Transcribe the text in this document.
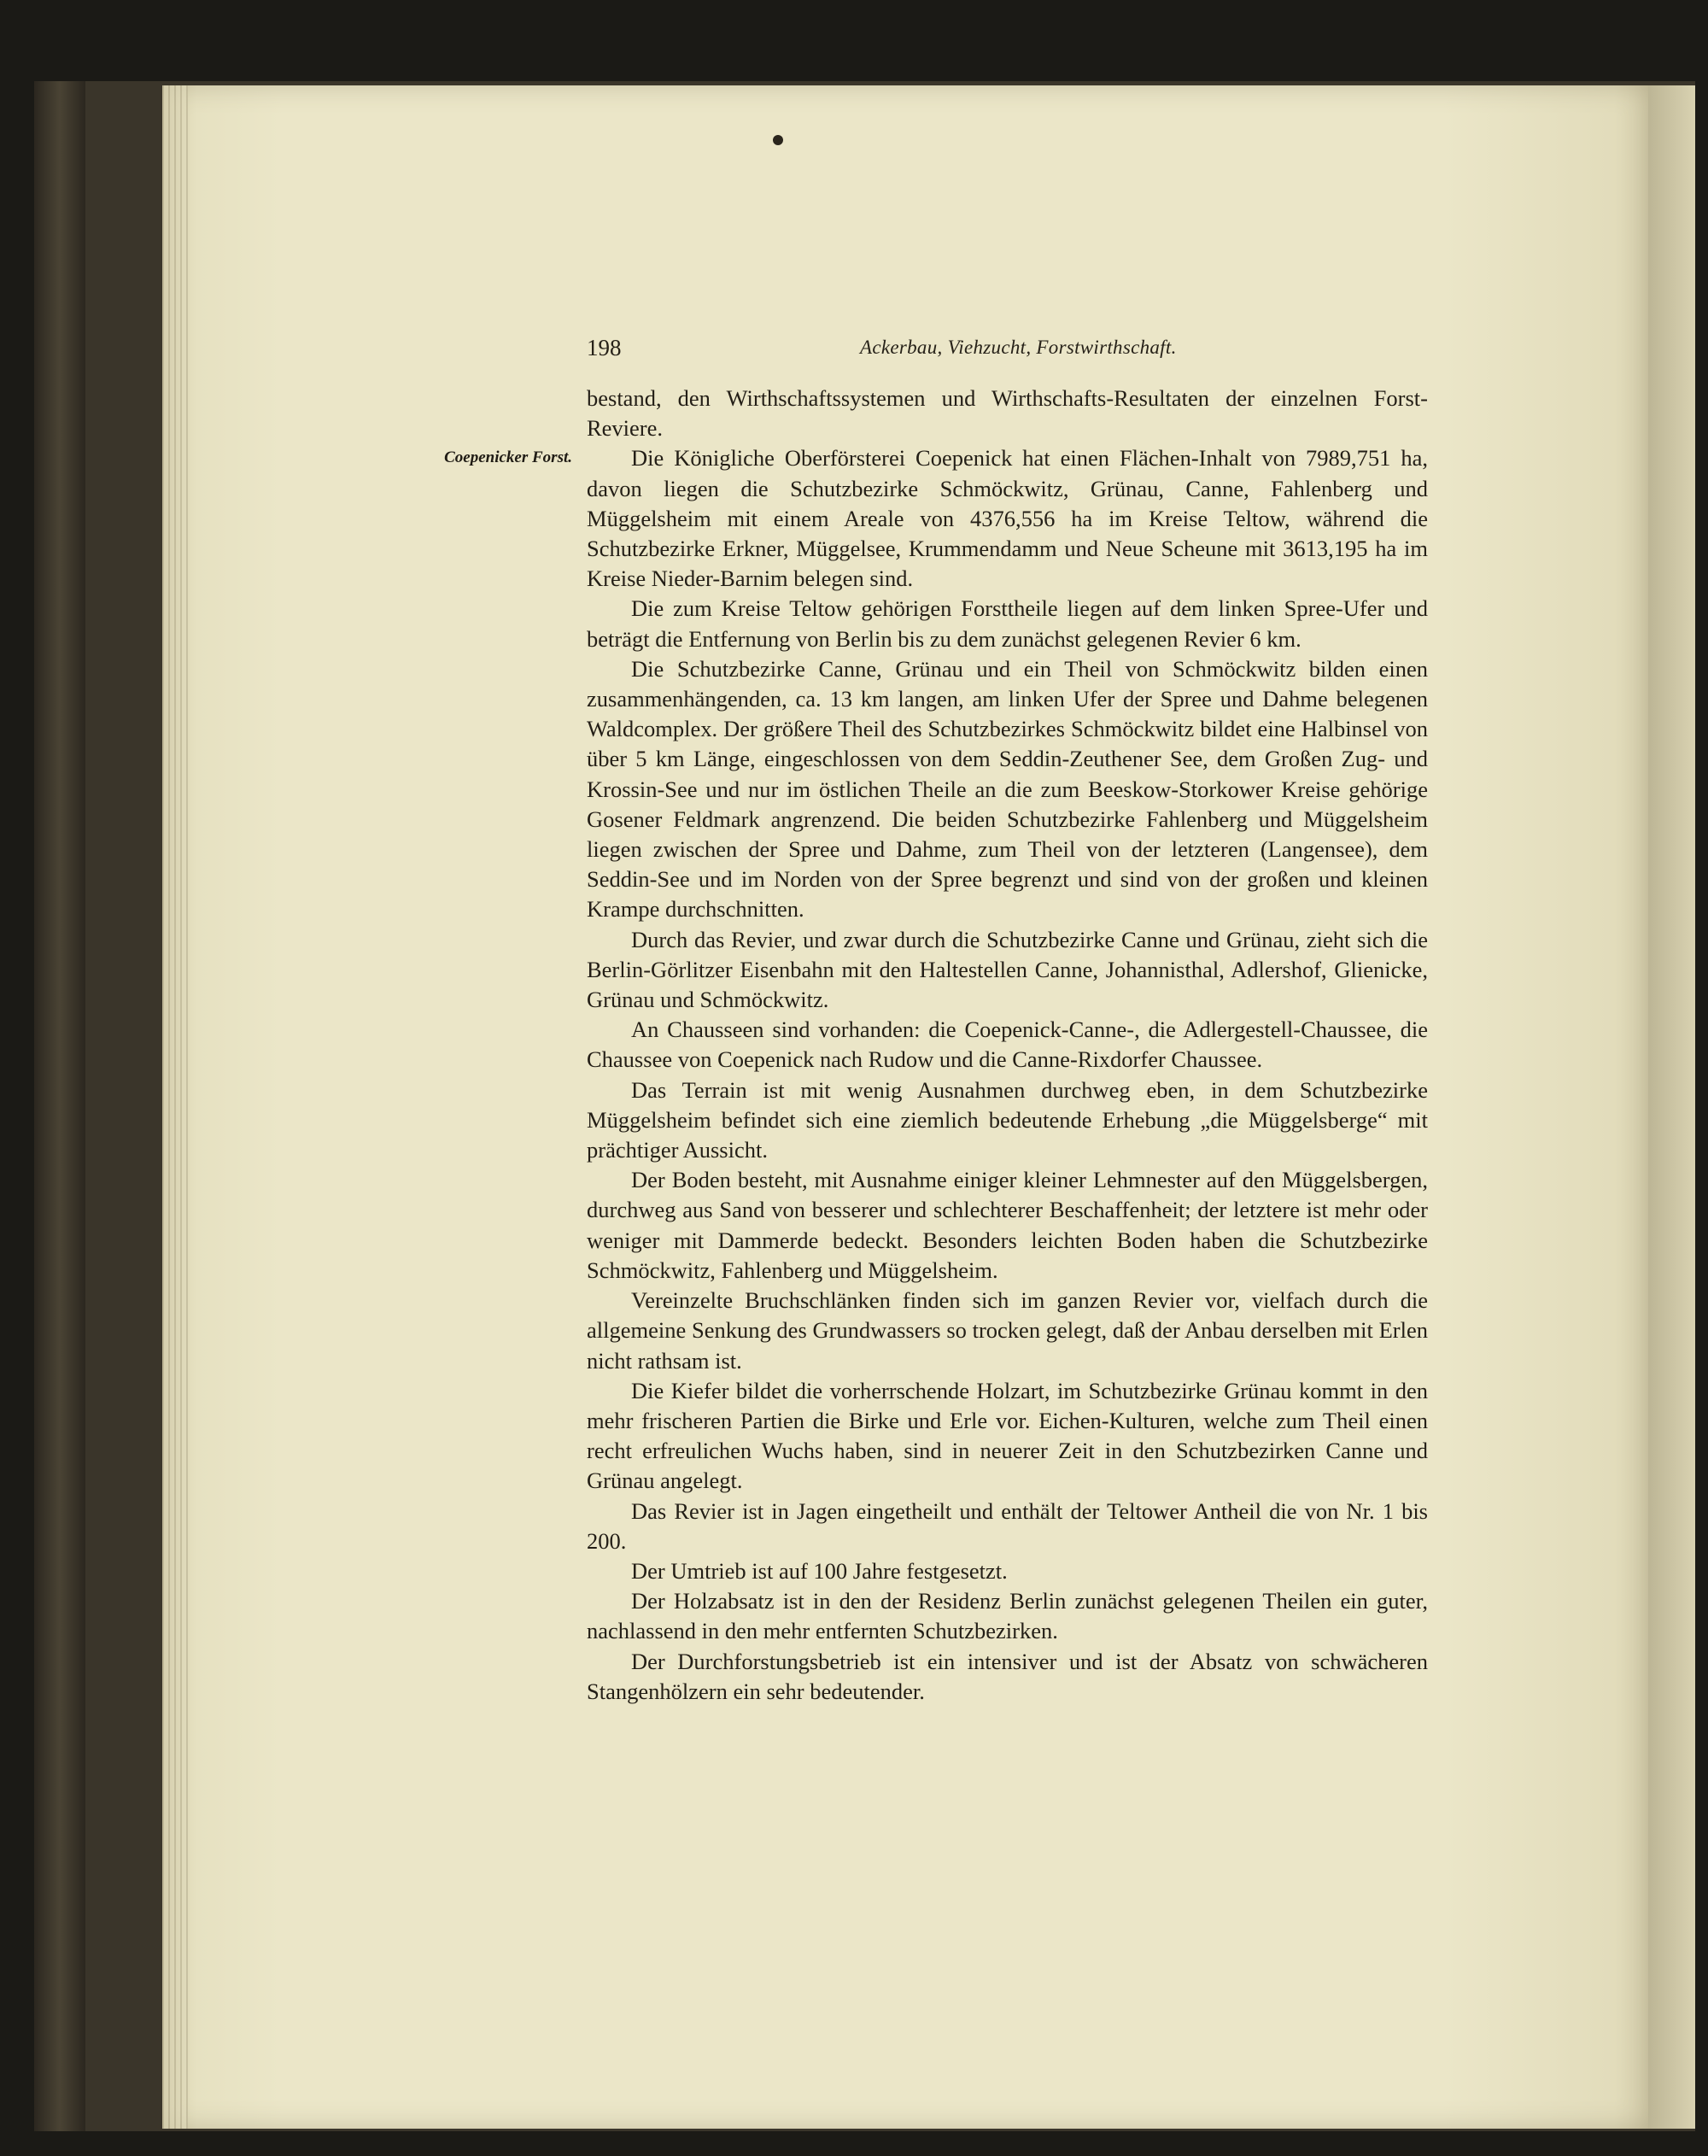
198	Ackerbau, Viehzucht, Forstwirthschaft.
Coepenicker Forst.

bestand, den Wirthschaftssystemen und Wirthschafts-Resultaten der einzelnen Forst-Reviere.

Die Königliche Oberförsterei Coepenick hat einen Flächen-Inhalt von 7989,751 ha, davon liegen die Schutzbezirke Schmöckwitz, Grünau, Canne, Fahlenberg und Müggelsheim mit einem Areale von 4376,556 ha im Kreise Teltow, während die Schutzbezirke Erkner, Müggelsee, Krummendamm und Neue Scheune mit 3613,195 ha im Kreise Nieder-Barnim belegen sind.

Die zum Kreise Teltow gehörigen Forsttheile liegen auf dem linken Spree-Ufer und beträgt die Entfernung von Berlin bis zu dem zunächst gelegenen Revier 6 km.

Die Schutzbezirke Canne, Grünau und ein Theil von Schmöckwitz bilden einen zusammenhängenden, ca. 13 km langen, am linken Ufer der Spree und Dahme belegenen Waldcomplex. Der größere Theil des Schutzbezirkes Schmöckwitz bildet eine Halbinsel von über 5 km Länge, eingeschlossen von dem Seddin-Zeuthener See, dem Großen Zug- und Krossin-See und nur im östlichen Theile an die zum Beeskow-Storkower Kreise gehörige Gosener Feldmark angrenzend. Die beiden Schutzbezirke Fahlenberg und Müggelsheim liegen zwischen der Spree und Dahme, zum Theil von der letzteren (Langensee), dem Seddin-See und im Norden von der Spree begrenzt und sind von der großen und kleinen Krampe durchschnitten.

Durch das Revier, und zwar durch die Schutzbezirke Canne und Grünau, zieht sich die Berlin-Görlitzer Eisenbahn mit den Haltestellen Canne, Johannisthal, Adlershof, Glienicke, Grünau und Schmöckwitz.

An Chausseen sind vorhanden: die Coepenick-Canne-, die Adlergestell-Chaussee, die Chaussee von Coepenick nach Rudow und die Canne-Rixdorfer Chaussee.

Das Terrain ist mit wenig Ausnahmen durchweg eben, in dem Schutzbezirke Müggelsheim befindet sich eine ziemlich bedeutende Erhebung „die Müggelsberge“ mit prächtiger Aussicht.

Der Boden besteht, mit Ausnahme einiger kleiner Lehmnester auf den Müggelsbergen, durchweg aus Sand von besserer und schlechterer Beschaffenheit; der letztere ist mehr oder weniger mit Dammerde bedeckt. Besonders leichten Boden haben die Schutzbezirke Schmöckwitz, Fahlenberg und Müggelsheim.

Vereinzelte Bruchschlänken finden sich im ganzen Revier vor, vielfach durch die allgemeine Senkung des Grundwassers so trocken gelegt, daß der Anbau derselben mit Erlen nicht rathsam ist.

Die Kiefer bildet die vorherrschende Holzart, im Schutzbezirke Grünau kommt in den mehr frischeren Partien die Birke und Erle vor. Eichen-Kulturen, welche zum Theil einen recht erfreulichen Wuchs haben, sind in neuerer Zeit in den Schutzbezirken Canne und Grünau angelegt.

Das Revier ist in Jagen eingetheilt und enthält der Teltower Antheil die von Nr. 1 bis 200.

Der Umtrieb ist auf 100 Jahre festgesetzt.

Der Holzabsatz ist in den der Residenz Berlin zunächst gelegenen Theilen ein guter, nachlassend in den mehr entfernten Schutzbezirken.

Der Durchforstungsbetrieb ist ein intensiver und ist der Absatz von schwächeren Stangenhölzern ein sehr bedeutender.
